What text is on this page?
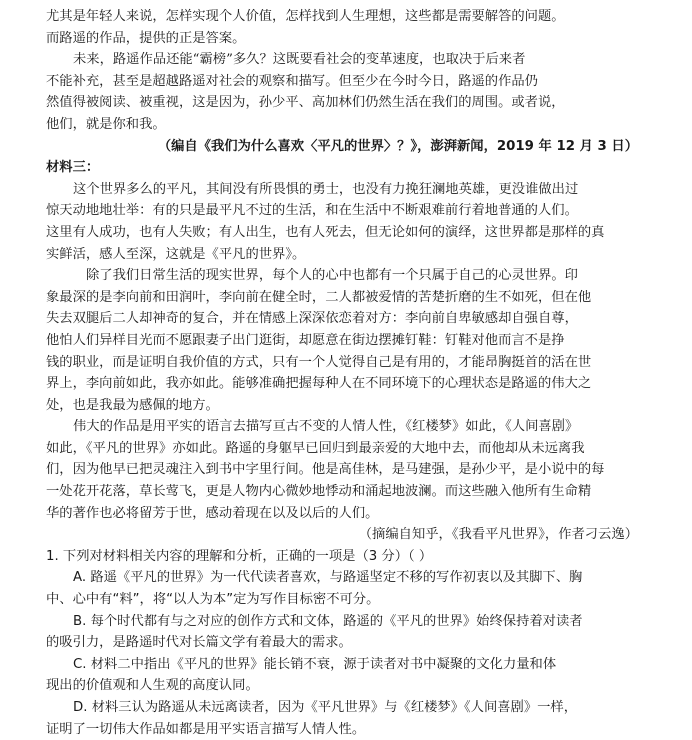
尤其是年轻人来说，怎样实现个人价值，怎样找到人生理想，这些都是需要解答的问题。
而路遥的作品，提供的正是答案。
未来，路遥作品还能“霸榜”多久？这既要看社会的变革速度，也取决于后来者
不能补充，甚至是超越路遥对社会的观察和描写。但至少在今时今日，路遥的作品仍
然值得被阅读、被重视，这是因为，孙少平、高加林们仍然生活在我们的周围。或者说，
他们，就是你和我。
（编自《我们为什么喜欢〈平凡的世界〉？》，澎湃新闻，2019 年 12 月 3 日）
材料三：
这个世界多么的平凡，其间没有所畏惧的勇士，也没有力挽狂澜地英雄，更没谁做出过
惊天动地地壮举：有的只是最平凡不过的生活，和在生活中不断艰难前行着地普通的人们。
这里有人成功，也有人失败；有人出生，也有人死去，但无论如何的演绎，这世界都是那样的真
实鲜活，感人至深，这就是《平凡的世界》。
除了我们日常生活的现实世界，每个人的心中也都有一个只属于自己的心灵世界。印
象最深的是李向前和田润叶，李向前在健全时，二人都被爱情的苦楚折磨的生不如死，但在他
失去双腿后二人却神奇的复合，并在情感上深深依恋着对方：李向前自卑敏感却自强自尊，
他怕人们异样目光而不愿跟妻子出门逛街，却愿意在街边摆摊钉鞋：钉鞋对他而言不是挣
钱的职业，而是证明自我价值的方式，只有一个人觉得自己是有用的，才能昂胸挺首的活在世
界上，李向前如此，我亦如此。能够准确把握每种人在不同环境下的心理状态是路遥的伟大之
处，也是我最为感佩的地方。
伟大的作品是用平实的语言去描写亘古不变的人情人性，《红楼梦》如此，《人间喜剧》
如此，《平凡的世界》亦如此。路遥的身躯早已回归到最亲爱的大地中去，而他却从未远离我
们，因为他早已把灵魂注入到书中字里行间。他是高佳林，是马建强，是孙少平，是小说中的每
一处花开花落，草长莺飞，更是人物内心微妙地悸动和涌起地波澜。而这些融入他所有生命精
华的著作也必将留芳于世，感动着现在以及以后的人们。
（摘编自知乎，《我看平凡世界》，作者刁云逸）
1. 下列对材料相关内容的理解和分析，正确的一项是（3 分）（ ）
A. 路遥《平凡的世界》为一代代读者喜欢，与路遥坚定不移的写作初衷以及其脚下、胸
中、心中有“料”，将“以人为本”定为写作目标密不可分。
B. 每个时代都有与之对应的创作方式和文体，路遥的《平凡的世界》始终保持着对读者
的吸引力，是路遥时代对长篇文学有着最大的需求。
C. 材料二中指出《平凡的世界》能长销不衰，源于读者对书中凝聚的文化力量和体
现出的价值观和人生观的高度认同。
D. 材料三认为路遥从未远离读者，因为《平凡世界》与《红楼梦》《人间喜剧》一样，
证明了一切伟大作品如都是用平实语言描写人情人性。
